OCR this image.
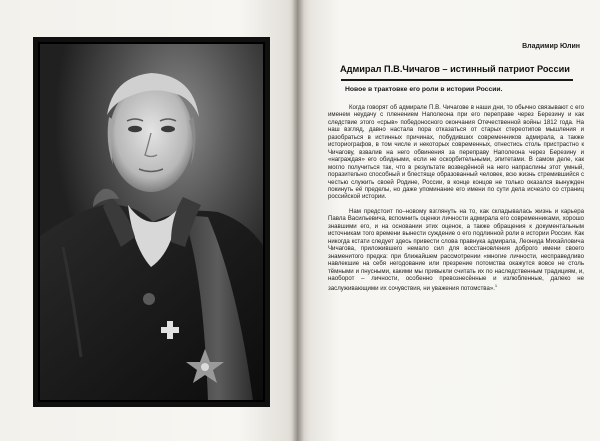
Владимир Юлин
Адмирал П.В.Чичагов – истинный патриот России
Новое в трактовке его роли в истории России.

Когда говорят об адмирале П.В. Чичагове в наши дни, то обычно связывают с его именем неудачу с пленением Наполеона при его переправе через Березину и как следствие этого «срыв» победоносного окончания Отечественной войны 1812 года. На наш взгляд, давно настала пора отказаться от старых стереотипов мышления и разобраться в истинных причинах, побудивших современников адмирала, а также историографов, в том числе и некоторых современных, отнестись столь пристрастно к Чичагову, взвалив на него обвинения за переправу Наполеона через Березину и «награждая» его обидными, если не оскорбительными, эпитетами. В самом деле, как могло получиться так, что в результате возведённой на него напраслины этот умный, поразительно способный и блестяще образованный человек, всю жизнь стремившийся с честью служить своей Родине, России, в конце концов не только оказался вынужден покинуть её пределы, но даже упоминание его имени по сути дела исчезло со страниц российской истории.

Нам предстоит по–новому взглянуть на то, как складывалась жизнь и карьера Павла Васильевича, вспомнить оценки личности адмирала его современниками, хорошо знавшими его, и на основании этих оценок, а также обращения к документальным источникам того времени вынести суждение о его подлинной роли в истории России. Как никогда кстати следует здесь привести слова правнука адмирала, Леонида Михайловича Чичагова, приложившего немало сил для восстановления доброго имени своего знаменитого предка: при ближайшем рассмотрении «многие личности, несправедливо навлекшие на себя негодование или презрение потомства окажутся вовсе не столь тёмными и пнусными, какими мы привыкли считать их по наследственным традициям, и, наоборот – личности, особенно превознесённые и излюбленные, далеко не заслуживающими их сочувствия, ни уважения потомства».$^1$
